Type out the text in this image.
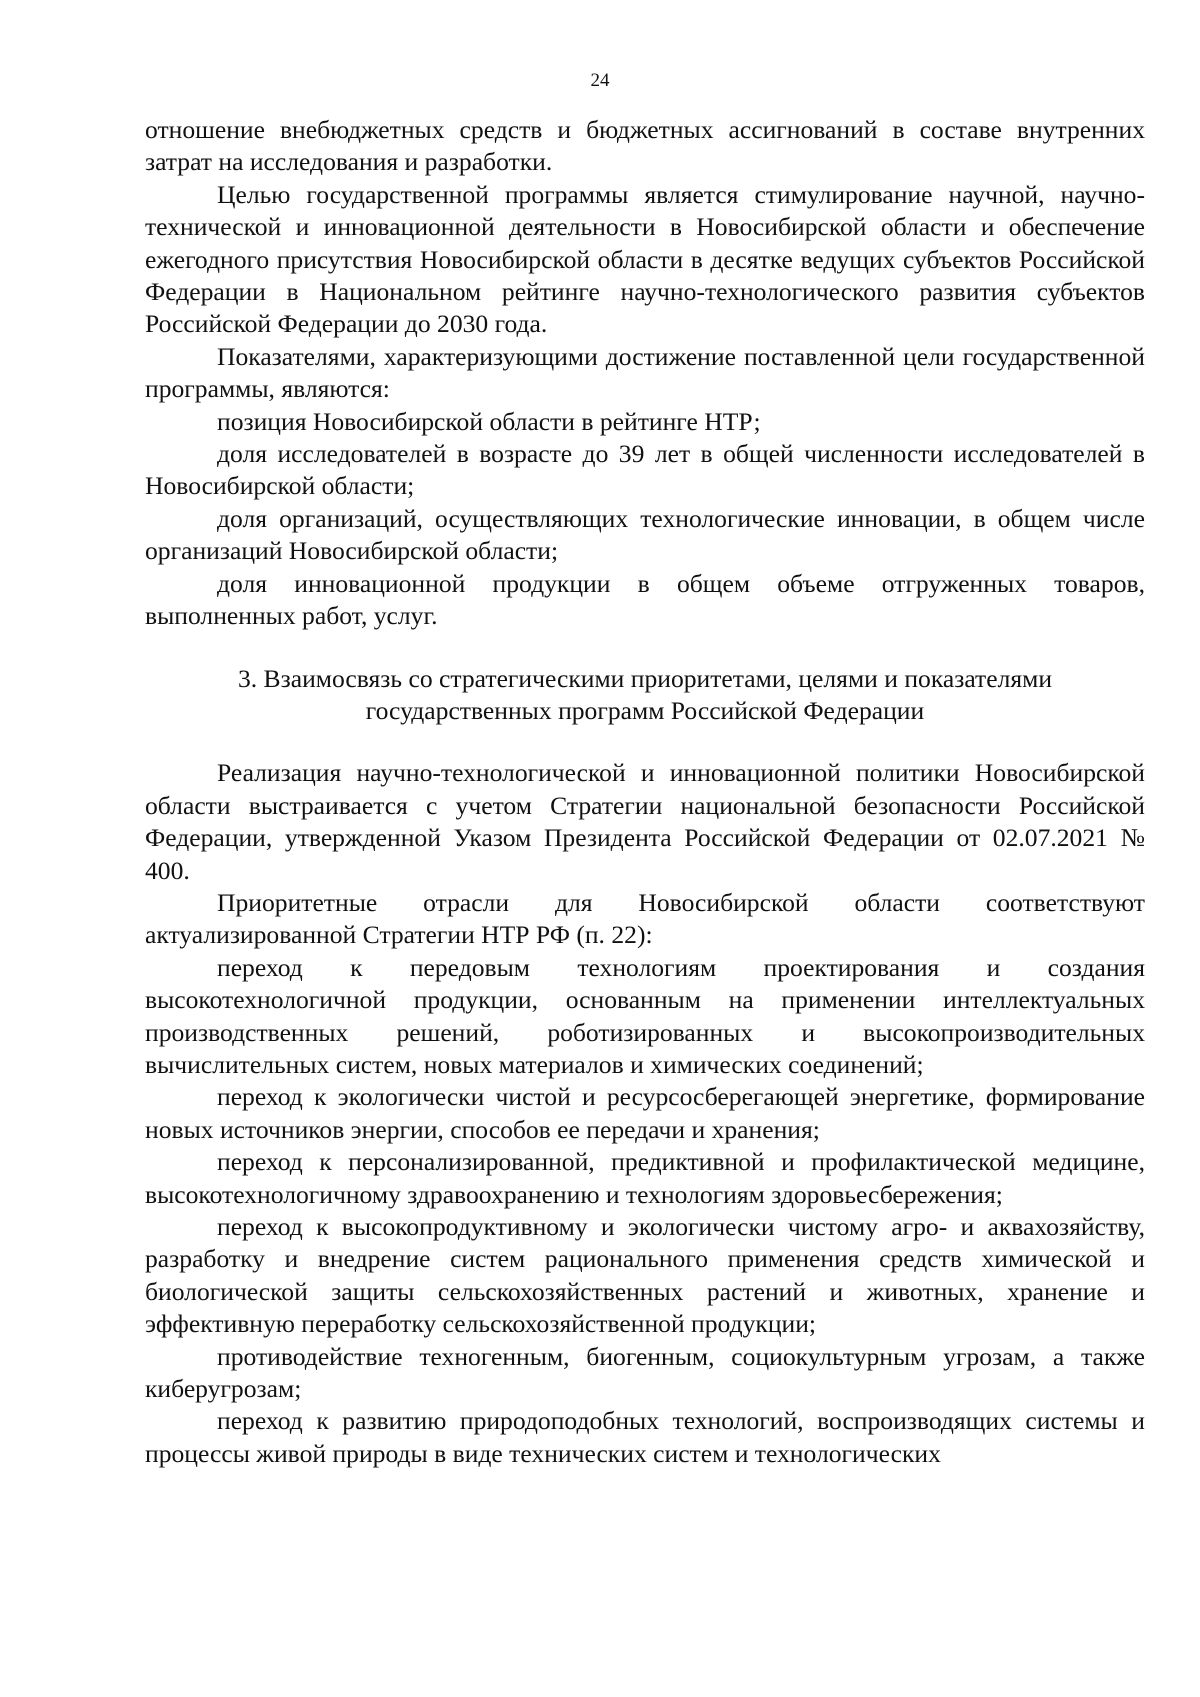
24

отношение внебюджетных средств и бюджетных ассигнований в составе внутренних затрат на исследования и разработки.

Целью государственной программы является стимулирование научной, научно-технической и инновационной деятельности в Новосибирской области и обеспечение ежегодного присутствия Новосибирской области в десятке ведущих субъектов Российской Федерации в Национальном рейтинге научно-технологического развития субъектов Российской Федерации до 2030 года.

Показателями, характеризующими достижение поставленной цели государственной программы, являются:

позиция Новосибирской области в рейтинге НТР;

доля исследователей в возрасте до 39 лет в общей численности исследователей в Новосибирской области;

доля организаций, осуществляющих технологические инновации, в общем числе организаций Новосибирской области;

доля инновационной продукции в общем объеме отгруженных товаров, выполненных работ, услуг.

3. Взаимосвязь со стратегическими приоритетами, целями и показателями
государственных программ Российской Федерации

Реализация научно-технологической и инновационной политики Новосибирской области выстраивается с учетом Стратегии национальной безопасности Российской Федерации, утвержденной Указом Президента Российской Федерации от 02.07.2021 № 400.

Приоритетные отрасли для Новосибирской области соответствуют актуализированной Стратегии НТР РФ (п. 22):

переход к передовым технологиям проектирования и создания высокотехнологичной продукции, основанным на применении интеллектуальных производственных решений, роботизированных и высокопроизводительных вычислительных систем, новых материалов и химических соединений;

переход к экологически чистой и ресурсосберегающей энергетике, формирование новых источников энергии, способов ее передачи и хранения;

переход к персонализированной, предиктивной и профилактической медицине, высокотехнологичному здравоохранению и технологиям здоровьесбережения;

переход к высокопродуктивному и экологически чистому агро- и аквахозяйству, разработку и внедрение систем рационального применения средств химической и биологической защиты сельскохозяйственных растений и животных, хранение и эффективную переработку сельскохозяйственной продукции;

противодействие техногенным, биогенным, социокультурным угрозам, а также киберугрозам;

переход к развитию природоподобных технологий, воспроизводящих системы и процессы живой природы в виде технических систем и технологических
